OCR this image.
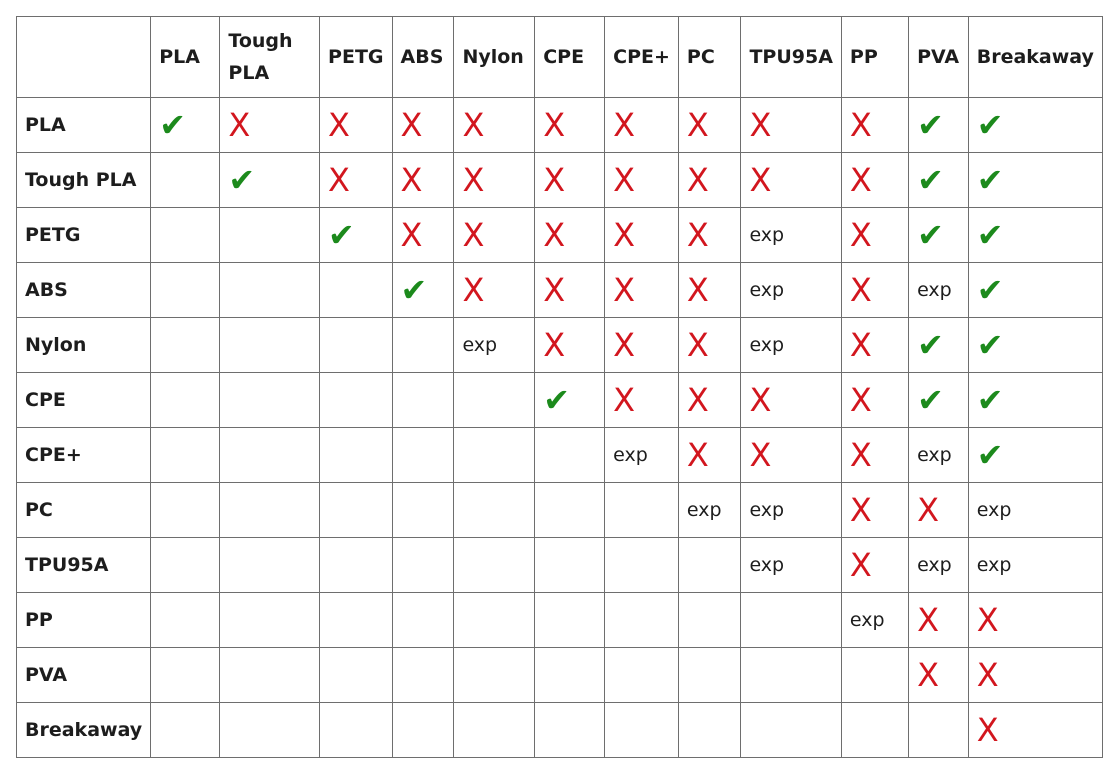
	PLA	Tough PLA	PETG	ABS	Nylon	CPE	CPE+	PC	TPU95A	PP	PVA	Breakaway
PLA	✔	X	X	X	X	X	X	X	X	X	✔	✔
Tough PLA		✔	X	X	X	X	X	X	X	X	✔	✔
PETG			✔	X	X	X	X	X	exp	X	✔	✔
ABS				✔	X	X	X	X	exp	X	exp	✔
Nylon					exp	X	X	X	exp	X	✔	✔
CPE						✔	X	X	X	X	✔	✔
CPE+							exp	X	X	X	exp	✔
PC								exp	exp	X	X	exp
TPU95A									exp	X	exp	exp
PP										exp	X	X
PVA											X	X
Breakaway												X
